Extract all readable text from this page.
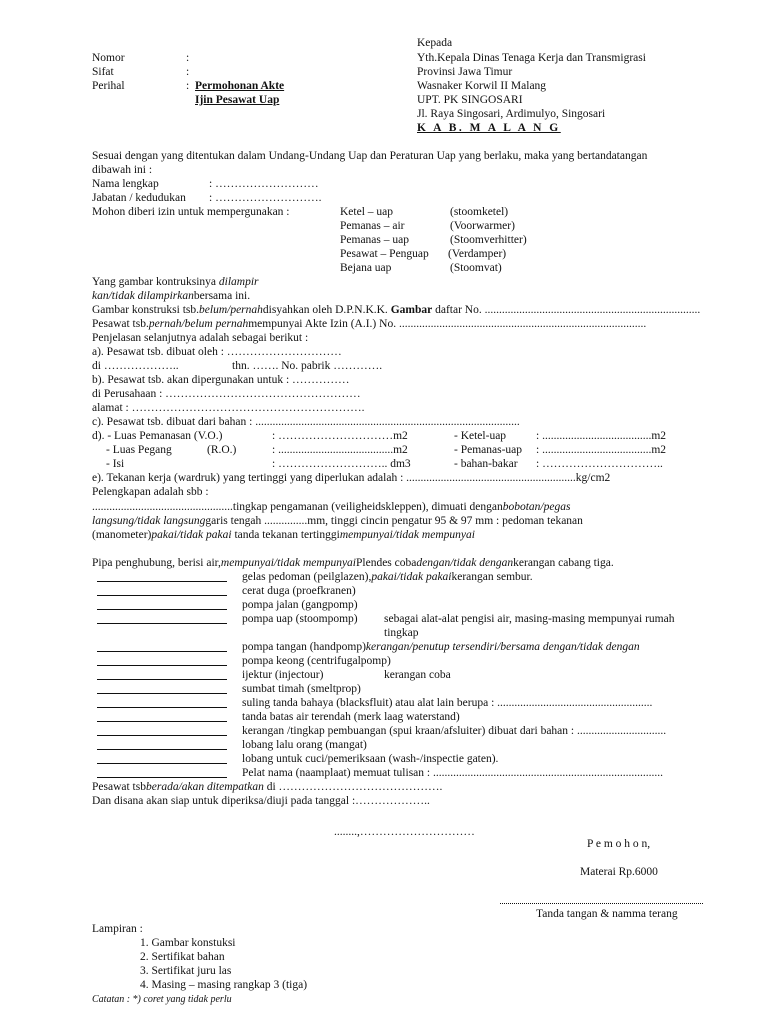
Kepada
Yth.Kepala Dinas Tenaga Kerja dan Transmigrasi
Provinsi Jawa Timur
Wasnaker Korwil II Malang
UPT. PK SINGOSARI
Jl. Raya Singosari, Ardimulyo, Singosari
K A B. M A L A N G
Nomor	:
Sifat	:
Perihal	: Permohonan Akte
Ijin Pesawat Uap
Sesuai dengan yang ditentukan dalam Undang-Undang Uap dan Peraturan Uap yang berlaku, maka yang bertandatangan
dibawah ini :
Nama lengkap	: ………………………
Jabatan / kedudukan : ……………………….
Mohon diberi izin untuk mempergunakan :	Ketel – uap	(stoomketel)
Pemanas – air	(Voorwarmer)
Pemanas – uap	(Stoomverhitter)
Pesawat – Penguap (Verdamper)
Bejana uap	(Stoomvat)
Yang gambar kontruksinya dilampir
kan/tidak dilampirkanbersama ini.
Gambar konstruksi tsb.belum/pernahdisyahkan oleh D.P.N.K.K. Gambar daftar No. ...........................................................................
Pesawat tsb.pernah/belum pernahmempunyai Akte Izin (A.I.) No. ......................................................................................
Penjelasan selanjutnya adalah sebagai berikut :
a). Pesawat tsb. dibuat oleh : …………………………
di ………………..	thn. ……. No. pabrik ………….
b). Pesawat tsb. akan dipergunakan untuk : ……………
di Perusahaan : ……………………………………………
alamat : …………………………………………………….
c). Pesawat tsb. dibuat dari bahan : ............................................................................................
d). - Luas Pemanasan (V.O.)	: …………………………m2	- Ketel-uap	: ......................................m2
- Luas Pegang	(R.O.)	: ........................................m2	- Pemanas-uap : ......................................m2
- Isi	: ……………………….. dm3	- bahan-bakar : …………………………..
e). Tekanan kerja (wardruk) yang tertinggi yang diperlukan adalah : ...........................................................kg/cm2
Pelengkapan adalah sbb :
.................................................tingkap pengamanan (veiligheidskleppen), dimuati denganbobotan/pegas
langsung/tidak langsunggaris tengah ...............mm, tinggi cincin pengatur 95 & 97 mm : pedoman tekanan
(manometer)pakai/tidak pakai tanda tekanan tertinggimempunyai/tidak mempunyai
Pipa penghubung, berisi air,mempunyai/tidak mempunyaiPlendes cobadengan/tidak dengankerangan cabang tiga.
gelas pedoman (peilglazen),pakai/tidak pakaikerangan sembur.
cerat duga (proefkranen)
pompa jalan (gangpomp)
pompa uap (stoompomp) sebagai alat-alat pengisi air, masing-masing mempunyai rumah
tingkap
pompa tangan (handpomp)kerangan/penutup tersendiri/bersama dengan/tidak dengan
pompa keong (centrifugalpomp)
ijektur (injectour)	kerangan coba
sumbat timah (smeltprop)
suling tanda bahaya (blacksfluit) atau alat lain berupa : ......................................................
tanda batas air terendah (merk laag waterstand)
kerangan /tingkap pembuangan (spui kraan/afsluiter) dibuat dari bahan : ...............................
lobang lalu orang (mangat)
lobang untuk cuci/pemeriksaan (wash-/inspectie gaten).
Pelat nama (naamplaat) memuat tulisan : ................................................................................
Pesawat tsbberada/akan ditempatkan di …………………………………….
Dan disana akan siap untuk diperiksa/diuji pada tanggal :………………..
........,…………………………
P e m o h o n,
Materai Rp.6000
Tanda tangan & namma terang
Lampiran :
1. Gambar konstuksi
2. Sertifikat bahan
3. Sertifikat juru las
4. Masing – masing rangkap 3 (tiga)
Catatan : *) coret yang tidak perlu
